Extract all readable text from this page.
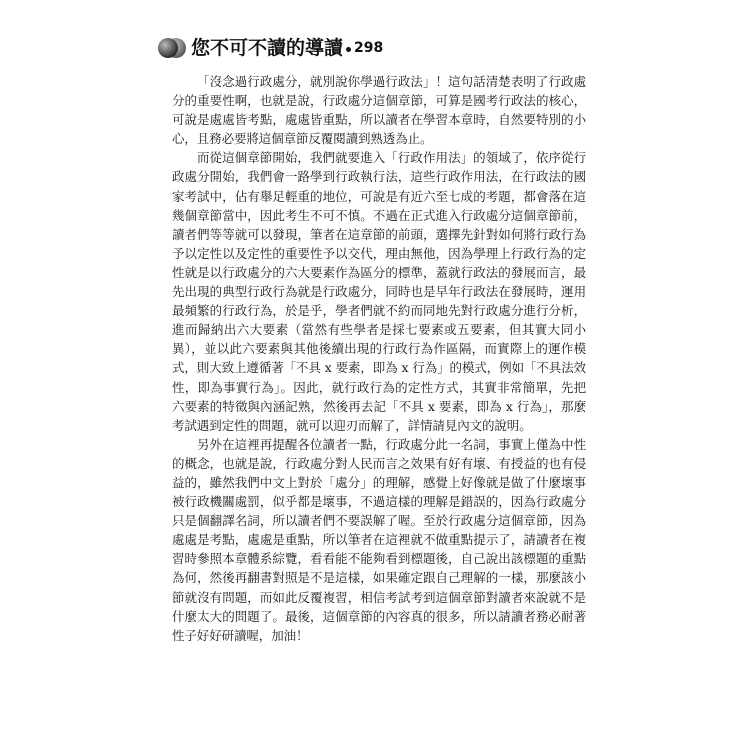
您不可不讀的導讀 298

「沒念過行政處分，就別說你學過行政法」！這句話清楚表明了行政處分的重要性啊，也就是說，行政處分這個章節，可算是國考行政法的核心，可說是處處皆考點，處處皆重點，所以讀者在學習本章時，自然要特別的小心，且務必要將這個章節反覆閱讀到熟透為止。

而從這個章節開始，我們就要進入「行政作用法」的領域了，依序從行政處分開始，我們會一路學到行政執行法，這些行政作用法，在行政法的國家考試中，佔有舉足輕重的地位，可說是有近六至七成的考題，都會落在這幾個章節當中，因此考生不可不慎。不過在正式進入行政處分這個章節前，讀者們等等就可以發現，筆者在這章節的前頭，選擇先針對如何將行政行為予以定性以及定性的重要性予以交代，理由無他，因為學理上行政行為的定性就是以行政處分的六大要素作為區分的標準，蓋就行政法的發展而言，最先出現的典型行政行為就是行政處分，同時也是早年行政法在發展時，運用最頻繁的行政行為，於是乎，學者們就不約而同地先對行政處分進行分析，進而歸納出六大要素（當然有些學者是採七要素或五要素，但其實大同小異），並以此六要素與其他後續出現的行政行為作區隔，而實際上的運作模式，則大致上遵循著「不具 x 要素，即為 x 行為」的模式，例如「不具法效性，即為事實行為」。因此，就行政行為的定性方式，其實非常簡單，先把六要素的特徵與內涵記熟，然後再去記「不具 x 要素，即為 x 行為」，那麼考試遇到定性的問題，就可以迎刃而解了，詳情請見內文的說明。

另外在這裡再提醒各位讀者一點，行政處分此一名詞，事實上僅為中性的概念，也就是說，行政處分對人民而言之效果有好有壞、有授益的也有侵益的，雖然我們中文上對於「處分」的理解，感覺上好像就是做了什麼壞事被行政機關處罰，似乎都是壞事，不過這樣的理解是錯誤的，因為行政處分只是個翻譯名詞，所以讀者們不要誤解了喔。至於行政處分這個章節，因為處處是考點，處處是重點，所以筆者在這裡就不做重點提示了，請讀者在複習時參照本章體系綜覽，看看能不能夠看到標題後，自己說出該標題的重點為何，然後再翻書對照是不是這樣，如果確定跟自己理解的一樣，那麼該小節就沒有問題，而如此反覆複習，相信考試考到這個章節對讀者來說就不是什麼太大的問題了。最後，這個章節的內容真的很多，所以請讀者務必耐著性子好好研讀喔，加油！
